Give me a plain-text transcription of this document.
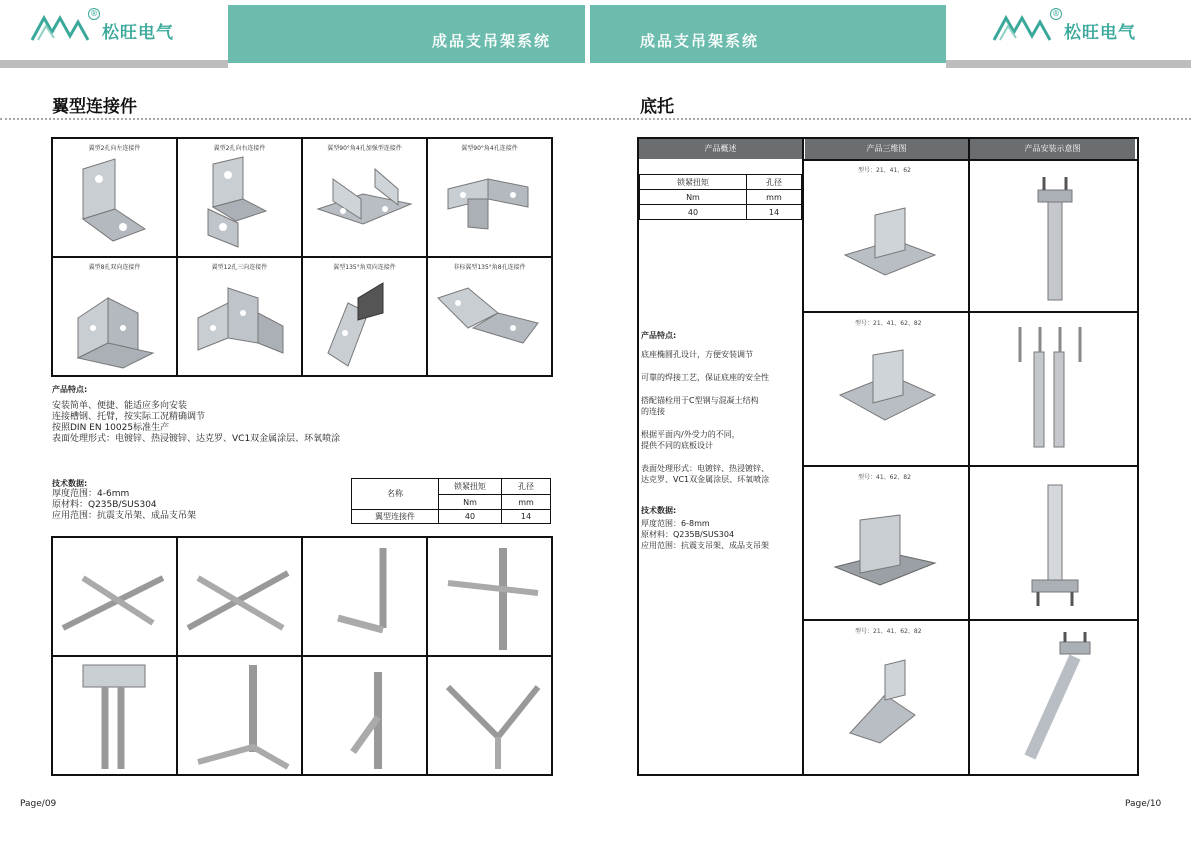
®
松旺电气	成品支吊架系统	成品支吊架系统
®
松旺电气
翼型连接件	底托
翼型2孔向左连接件	翼型2孔向右连接件	翼型90°角4孔加强型连接件	翼型90°角4孔连接件
翼型8孔双向连接件	翼型12孔三向连接件	翼型135°角双向连接件	非标翼型135°角8孔连接件
产品特点:
安装简单、便捷、能适应多向安装
连接槽钢、托臂，按实际工况精确调节
按照DIN EN 10025标准生产
表面处理形式：电镀锌、热浸镀锌、达克罗、VC1双金属涂层、环氧喷涂
技术数据:
厚度范围：4-6mm
原材料：Q235B/SUS304
应用范围：抗震支吊架、成品支吊架
名称	锁紧扭矩	孔径
	Nm	mm
翼型连接件	40	14
Page/09	Page/10
产品概述	产品三维图	产品安装示意图
锁紧扭矩	孔径
Nm	mm
40	14
产品特点:
底座椭圆孔设计，方便安装调节
可靠的焊接工艺，保证底座的安全性
搭配锚栓用于C型钢与混凝土结构
的连接
根据平面内/外受力的不同，
提供不同的底板设计
表面处理形式：电镀锌、热浸镀锌、
达克罗、VC1双金属涂层、环氧喷涂
技术数据:
厚度范围：6-8mm
原材料：Q235B/SUS304
应用范围：抗震支吊架、成品支吊架
型号：21、41、62
型号：21、41、62、82
型号：41、62、82
型号：21、41、62、82
